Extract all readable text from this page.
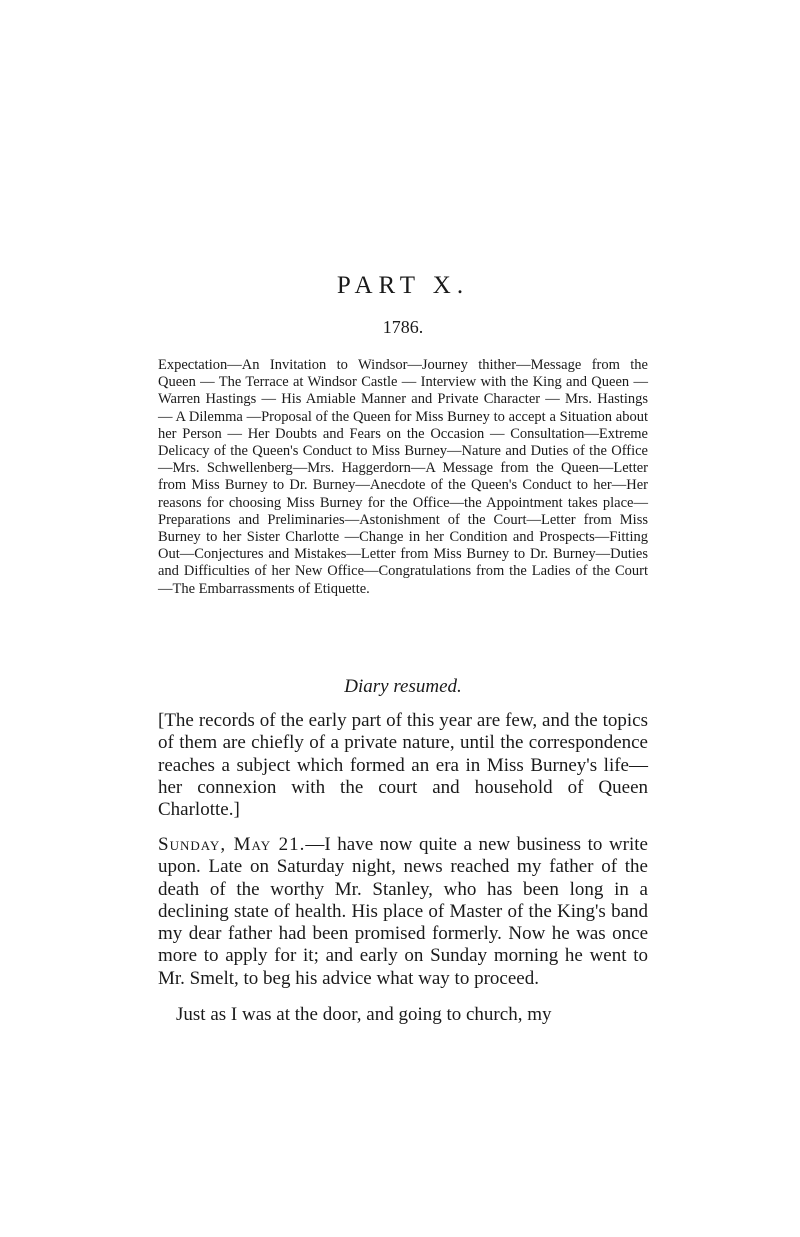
PART X.
1786.

Expectation—An Invitation to Windsor—Journey thither—Message from the Queen — The Terrace at Windsor Castle — Interview with the King and Queen — Warren Hastings — His Amiable Manner and Private Character — Mrs. Hastings — A Dilemma —Proposal of the Queen for Miss Burney to accept a Situation about her Person — Her Doubts and Fears on the Occasion — Consultation—Extreme Delicacy of the Queen's Conduct to Miss Burney—Nature and Duties of the Office—Mrs. Schwellenberg—Mrs. Haggerdorn—A Message from the Queen—Letter from Miss Burney to Dr. Burney—Anecdote of the Queen's Conduct to her—Her reasons for choosing Miss Burney for the Office—the Appointment takes place—Preparations and Preliminaries—Astonishment of the Court—Letter from Miss Burney to her Sister Charlotte —Change in her Condition and Prospects—Fitting Out—Conjectures and Mistakes—Letter from Miss Burney to Dr. Burney—Duties and Difficulties of her New Office—Congratulations from the Ladies of the Court—The Embarrassments of Etiquette.

Diary resumed.

[The records of the early part of this year are few, and the topics of them are chiefly of a private nature, until the correspondence reaches a subject which formed an era in Miss Burney's life—her connexion with the court and household of Queen Charlotte.]

Sunday, May 21.—I have now quite a new business to write upon. Late on Saturday night, news reached my father of the death of the worthy Mr. Stanley, who has been long in a declining state of health. His place of Master of the King's band my dear father had been promised formerly. Now he was once more to apply for it; and early on Sunday morning he went to Mr. Smelt, to beg his advice what way to proceed.

Just as I was at the door, and going to church, my
